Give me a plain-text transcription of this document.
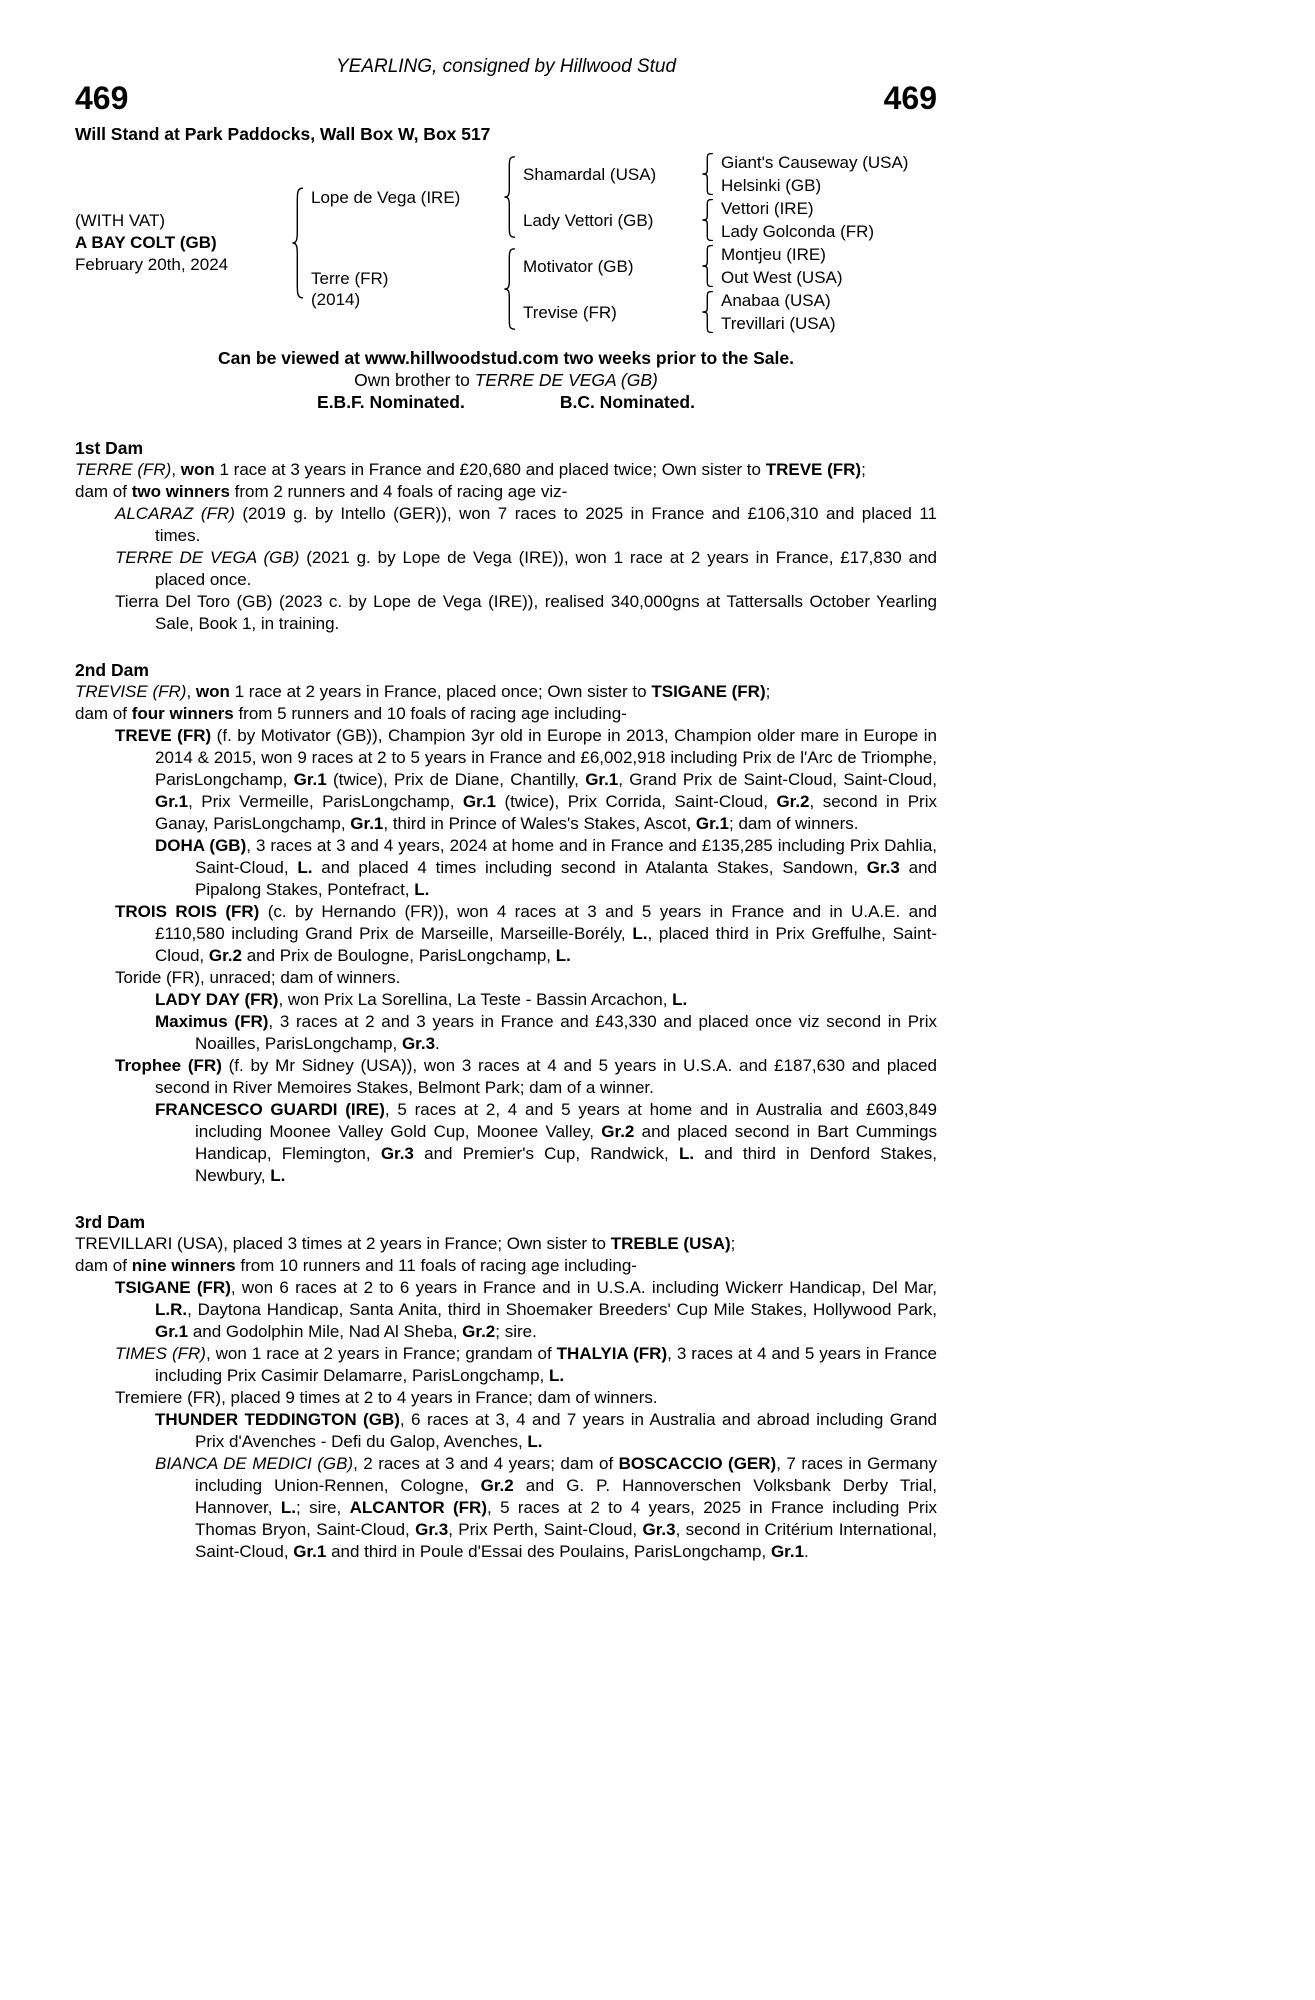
YEARLING, consigned by Hillwood Stud
469	469
Will Stand at Park Paddocks, Wall Box W, Box 517
(WITH VAT)
A BAY COLT (GB)
February 20th, 2024
Lope de Vega (IRE)
Terre (FR)
(2014)
Shamardal (USA)
Lady Vettori (GB)
Motivator (GB)
Trevise (FR)
Giant's Causeway (USA)
Helsinki (GB)
Vettori (IRE)
Lady Golconda (FR)
Montjeu (IRE)
Out West (USA)
Anabaa (USA)
Trevillari (USA)
Can be viewed at www.hillwoodstud.com two weeks prior to the Sale.
Own brother to TERRE DE VEGA (GB)
E.B.F. Nominated.	B.C. Nominated.
1st Dam

TERRE (FR), won 1 race at 3 years in France and £20,680 and placed twice; Own sister to TREVE (FR);

dam of two winners from 2 runners and 4 foals of racing age viz-

ALCARAZ (FR) (2019 g. by Intello (GER)), won 7 races to 2025 in France and £106,310 and placed 11 times.

TERRE DE VEGA (GB) (2021 g. by Lope de Vega (IRE)), won 1 race at 2 years in France, £17,830 and placed once.

Tierra Del Toro (GB) (2023 c. by Lope de Vega (IRE)), realised 340,000gns at Tattersalls October Yearling Sale, Book 1, in training.

2nd Dam

TREVISE (FR), won 1 race at 2 years in France, placed once; Own sister to TSIGANE (FR);

dam of four winners from 5 runners and 10 foals of racing age including-

TREVE (FR) (f. by Motivator (GB)), Champion 3yr old in Europe in 2013, Champion older mare in Europe in 2014 & 2015, won 9 races at 2 to 5 years in France and £6,002,918 including Prix de l'Arc de Triomphe, ParisLongchamp, Gr.1 (twice), Prix de Diane, Chantilly, Gr.1, Grand Prix de Saint-Cloud, Saint-Cloud, Gr.1, Prix Vermeille, ParisLongchamp, Gr.1 (twice), Prix Corrida, Saint-Cloud, Gr.2, second in Prix Ganay, ParisLongchamp, Gr.1, third in Prince of Wales's Stakes, Ascot, Gr.1; dam of winners.

DOHA (GB), 3 races at 3 and 4 years, 2024 at home and in France and £135,285 including Prix Dahlia, Saint-Cloud, L. and placed 4 times including second in Atalanta Stakes, Sandown, Gr.3 and Pipalong Stakes, Pontefract, L.

TROIS ROIS (FR) (c. by Hernando (FR)), won 4 races at 3 and 5 years in France and in U.A.E. and £110,580 including Grand Prix de Marseille, Marseille-Borély, L., placed third in Prix Greffulhe, Saint-Cloud, Gr.2 and Prix de Boulogne, ParisLongchamp, L.

Toride (FR), unraced; dam of winners.

LADY DAY (FR), won Prix La Sorellina, La Teste - Bassin Arcachon, L.

Maximus (FR), 3 races at 2 and 3 years in France and £43,330 and placed once viz second in Prix Noailles, ParisLongchamp, Gr.3.

Trophee (FR) (f. by Mr Sidney (USA)), won 3 races at 4 and 5 years in U.S.A. and £187,630 and placed second in River Memoires Stakes, Belmont Park; dam of a winner.

FRANCESCO GUARDI (IRE), 5 races at 2, 4 and 5 years at home and in Australia and £603,849 including Moonee Valley Gold Cup, Moonee Valley, Gr.2 and placed second in Bart Cummings Handicap, Flemington, Gr.3 and Premier's Cup, Randwick, L. and third in Denford Stakes, Newbury, L.

3rd Dam

TREVILLARI (USA), placed 3 times at 2 years in France; Own sister to TREBLE (USA);

dam of nine winners from 10 runners and 11 foals of racing age including-

TSIGANE (FR), won 6 races at 2 to 6 years in France and in U.S.A. including Wickerr Handicap, Del Mar, L.R., Daytona Handicap, Santa Anita, third in Shoemaker Breeders' Cup Mile Stakes, Hollywood Park, Gr.1 and Godolphin Mile, Nad Al Sheba, Gr.2; sire.

TIMES (FR), won 1 race at 2 years in France; grandam of THALYIA (FR), 3 races at 4 and 5 years in France including Prix Casimir Delamarre, ParisLongchamp, L.

Tremiere (FR), placed 9 times at 2 to 4 years in France; dam of winners.

THUNDER TEDDINGTON (GB), 6 races at 3, 4 and 7 years in Australia and abroad including Grand Prix d'Avenches - Defi du Galop, Avenches, L.

BIANCA DE MEDICI (GB), 2 races at 3 and 4 years; dam of BOSCACCIO (GER), 7 races in Germany including Union-Rennen, Cologne, Gr.2 and G. P. Hannoverschen Volksbank Derby Trial, Hannover, L.; sire, ALCANTOR (FR), 5 races at 2 to 4 years, 2025 in France including Prix Thomas Bryon, Saint-Cloud, Gr.3, Prix Perth, Saint-Cloud, Gr.3, second in Critérium International, Saint-Cloud, Gr.1 and third in Poule d'Essai des Poulains, ParisLongchamp, Gr.1.
